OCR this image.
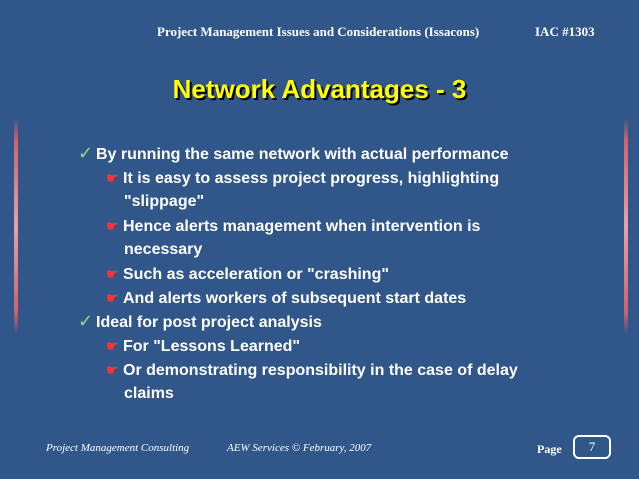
Project Management Issues and Considerations (Issacons)	IAC #1303
Network Advantages - 3
✓ By running the same network with actual performance
☛ It is easy to assess project progress, highlighting
"slippage"
☛ Hence alerts management when intervention is
necessary
☛ Such as acceleration or "crashing"
☛ And alerts workers of subsequent start dates
✓ Ideal for post project analysis
☛ For "Lessons Learned"
☛ Or demonstrating responsibility in the case of delay
claims
Project Management Consulting	AEW Services © February, 2007	Page	7
